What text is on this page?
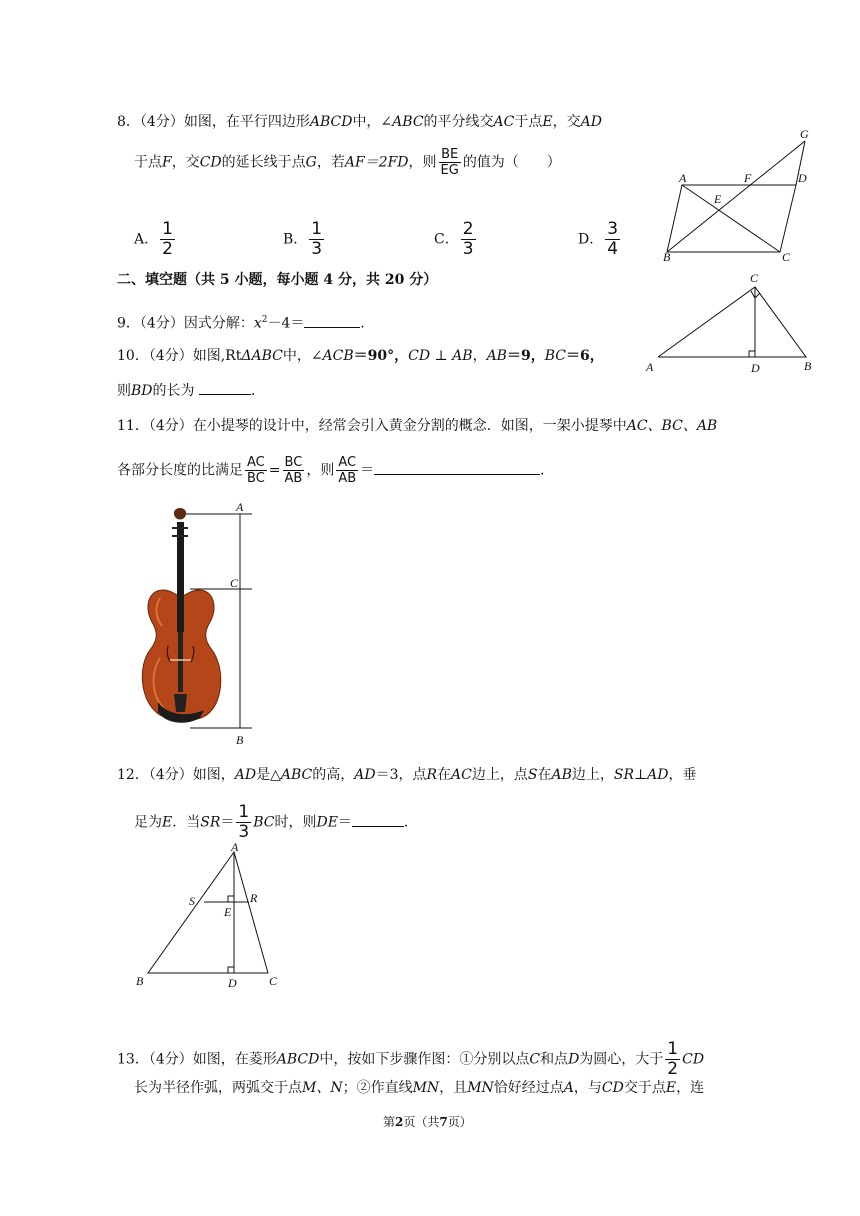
8．（4分）如图，在平行四边形ABCD中，∠ABC的平分线交AC于点E，交AD
于点F，交CD的延长线于点G，若AF＝2FD，则 $\frac{BE}{EG}$ 的值为（　　）
A． $\frac{1}{2}$	B． $\frac{1}{3}$	C． $\frac{2}{3}$	D． $\frac{3}{4}$
A	F	D
G
E
B	C
二、填空题（共 5 小题，每小题 4 分，共 20 分）
9．（4分）因式分解：$x^2-4=$	．
10．（4分）如图,RtΔABC中，∠ACB＝90°，CD ⊥ AB，AB＝9，BC＝6，
则BD的长为	．
C
A	D	B
11．（4分）在小提琴的设计中，经常会引入黄金分割的概念．如图，一架小提琴中AC、BC、AB
各部分长度的比满足 $\frac{AC}{BC} = \frac{BC}{AB}$ ，则 $\frac{AC}{AB}$ ＝	．
A
C
B
12．（4分）如图，AD是△ABC的高，AD＝3，点R在AC边上，点S在AB边上，SR⊥AD，垂
足为E．当$SR= \frac{1}{3}$ BC时，则DE＝	．
A
S	R
E
B	D	C
13．（4分）如图，在菱形ABCD中，按如下步骤作图：①分别以点C和点D为圆心，大于 $\frac{1}{2}$ CD
长为半径作弧，两弧交于点M、N；②作直线MN，且MN恰好经过点A，与CD交于点E，连
第2页（共7页）
